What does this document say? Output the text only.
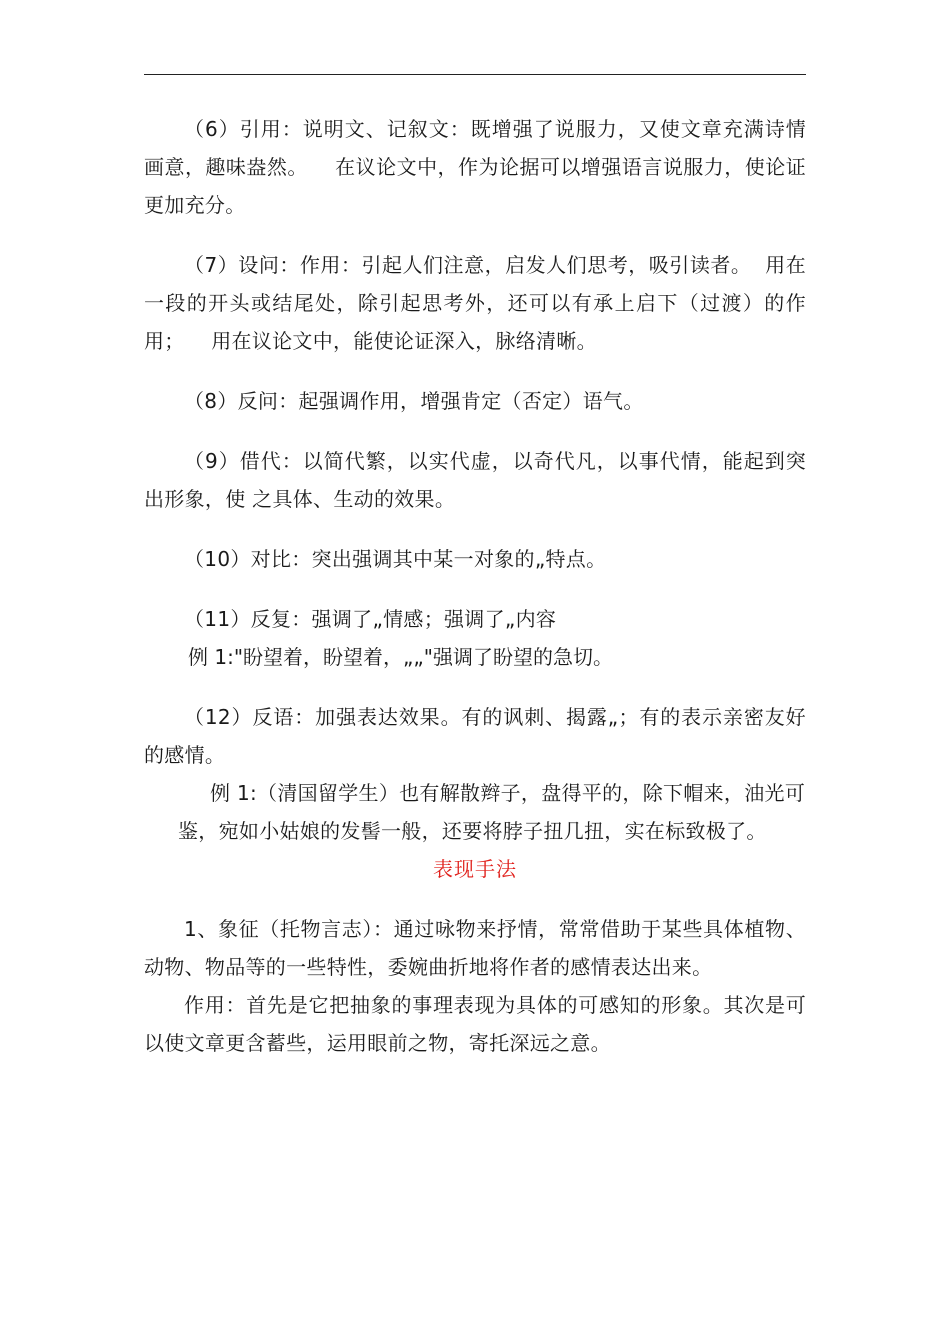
（6）引用：说明文、记叙文：既增强了说服力，又使文章充满诗情画意，趣味盎然。    在议论文中，作为论据可以增强语言说服力，使论证更加充分。

（7）设问：作用：引起人们注意，启发人们思考，吸引读者。  用在一段的开头或结尾处，除引起思考外，还可以有承上启下（过渡）的作用；    用在议论文中，能使论证深入，脉络清晰。

（8）反问：起强调作用，增强肯定（否定）语气。

（9）借代：以简代繁，以实代虚，以奇代凡，以事代情，能起到突出形象，使 之具体、生动的效果。

（10）对比：突出强调其中某一对象的„特点。

（11）反复：强调了„情感；强调了„内容

例 1:"盼望着，盼望着，„„"强调了盼望的急切。

（12）反语：加强表达效果。有的讽刺、揭露„；有的表示亲密友好的感情。

例 1:（清国留学生）也有解散辫子，盘得平的，除下帽来，油光可 鉴，宛如小姑娘的发髻一般，还要将脖子扭几扭，实在标致极了。

表现手法

1、象征（托物言志）：通过咏物来抒情，常常借助于某些具体植物、动物、物品等的一些特性，委婉曲折地将作者的感情表达出来。

作用：首先是它把抽象的事理表现为具体的可感知的形象。其次是可以使文章更含蓄些，运用眼前之物，寄托深远之意。
